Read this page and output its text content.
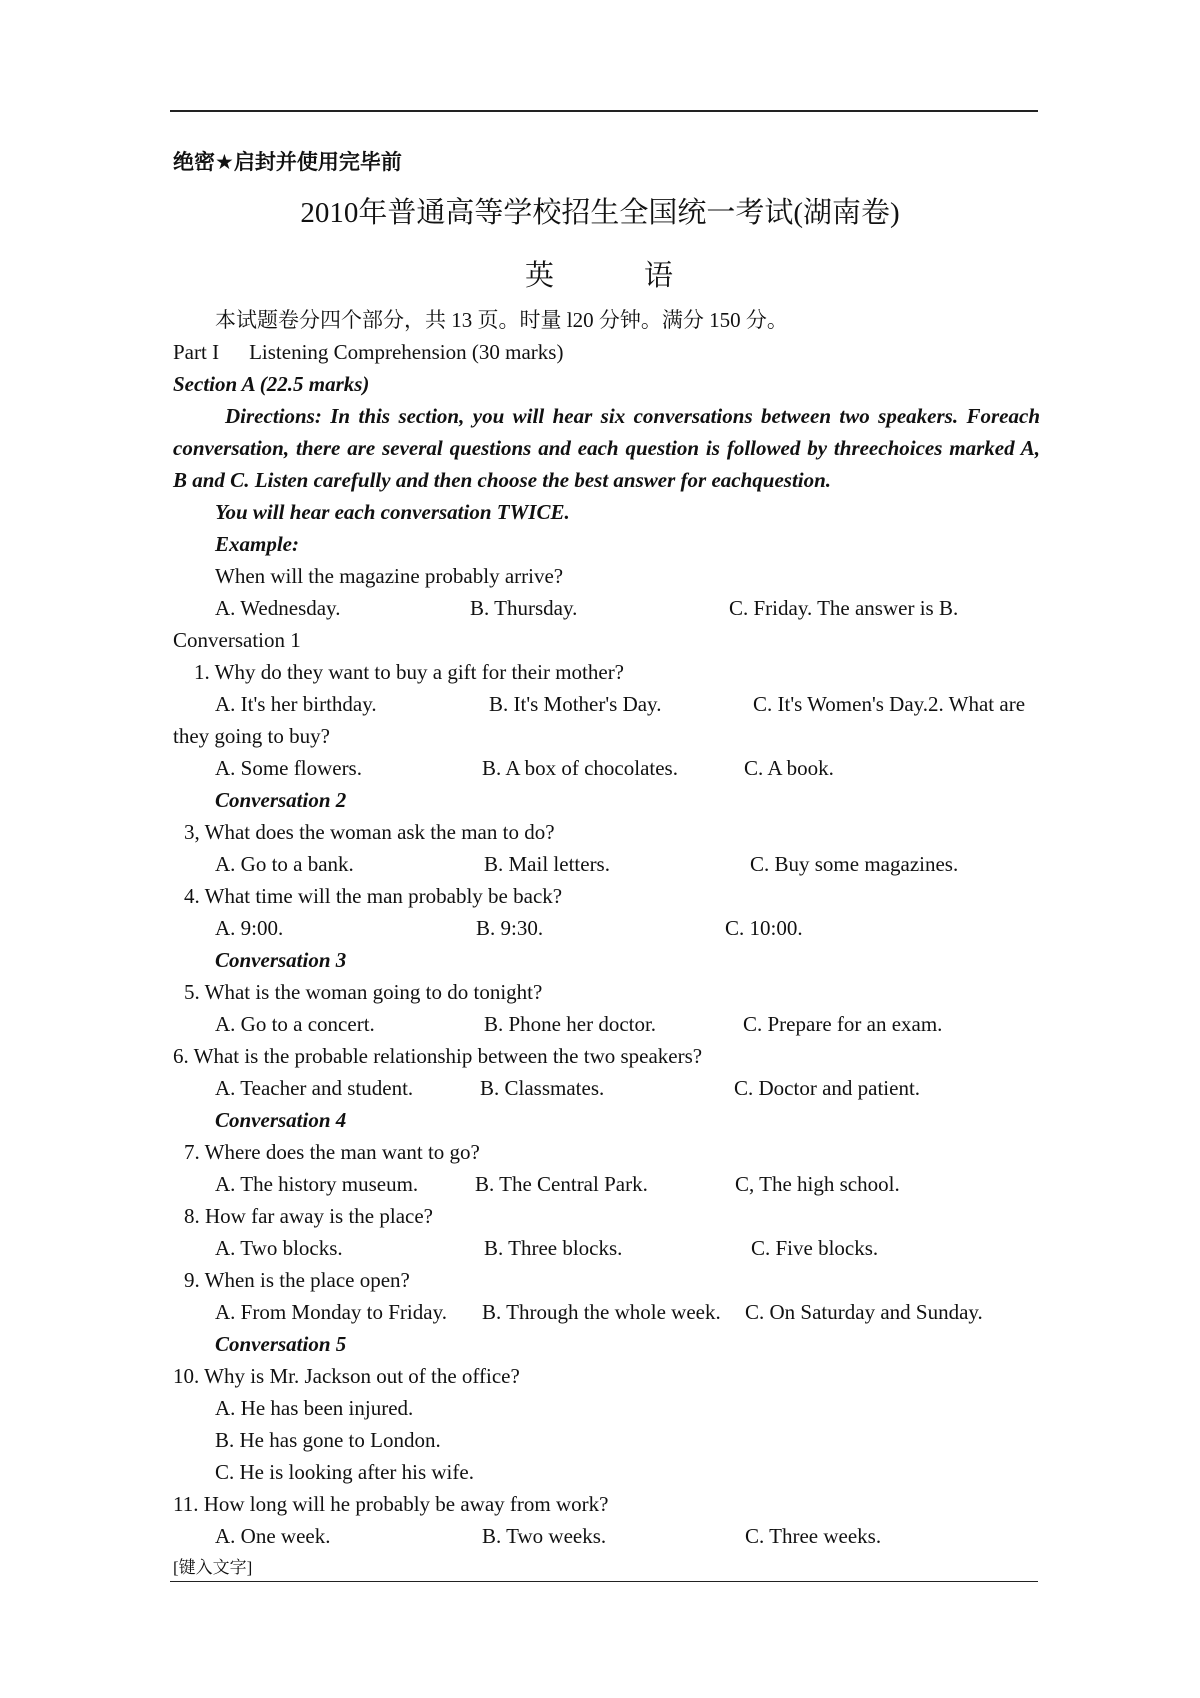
绝密★启封并使用完毕前
2010年普通高等学校招生全国统一考试(湖南卷)
英	语
本试题卷分四个部分，共 13 页。时量 l20 分钟。满分 150 分。
Part I Listening Comprehension (30 marks)
Section A (22.5 marks)
Directions: In this section, you will hear six conversations between two speakers. Foreach
conversation, there are several questions and each question is followed by threechoices marked A,
B and C. Listen carefully and then choose the best answer for eachquestion.
You will hear each conversation TWICE.
Example:
When will the magazine probably arrive?
A. Wednesday.	B. Thursday.	C. Friday. The answer is B.
Conversation 1
1. Why do they want to buy a gift for their mother?
A. It's her birthday.	B. It's Mother's Day.	C. It's Women's Day.2. What are
they going to buy?
A. Some flowers.	B. A box of chocolates.	C. A book.
Conversation 2
3, What does the woman ask the man to do?
A. Go to a bank.	B. Mail letters.	C. Buy some magazines.
4. What time will the man probably be back?
A. 9:00.	B. 9:30.	C. 10:00.
Conversation 3
5. What is the woman going to do tonight?
A. Go to a concert.	B. Phone her doctor.	C. Prepare for an exam.
6. What is the probable relationship between the two speakers?
A. Teacher and student.	B. Classmates.	C. Doctor and patient.
Conversation 4
7. Where does the man want to go?
A. The history museum.	B. The Central Park.	C, The high school.
8. How far away is the place?
A. Two blocks.	B. Three blocks.	C. Five blocks.
9. When is the place open?
A. From Monday to Friday. B. Through the whole week. C. On Saturday and Sunday.
Conversation 5
10. Why is Mr. Jackson out of the office?
A. He has been injured.
B. He has gone to London.
C. He is looking after his wife.
11. How long will he probably be away from work?
A. One week.	B. Two weeks.	C. Three weeks.
[键入文字]
